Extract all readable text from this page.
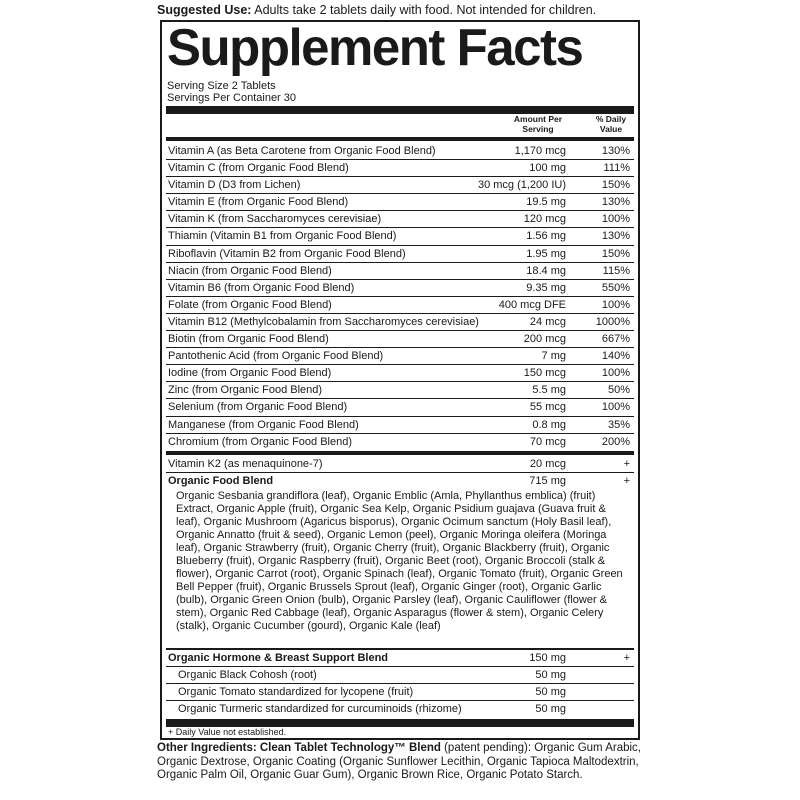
Suggested Use: Adults take 2 tablets daily with food. Not intended for children.
Supplement Facts
Serving Size 2 Tablets
Servings Per Container 30
Amount Per
Serving
% Daily
Value
Vitamin A (as Beta Carotene from Organic Food Blend)	1,170 mcg	130%
Vitamin C (from Organic Food Blend)	100 mg	111%
Vitamin D (D3 from Lichen)	30 mcg (1,200 IU)	150%
Vitamin E (from Organic Food Blend)	19.5 mg	130%
Vitamin K (from Saccharomyces cerevisiae)	120 mcg	100%
Thiamin (Vitamin B1 from Organic Food Blend)	1.56 mg	130%
Riboflavin (Vitamin B2 from Organic Food Blend)	1.95 mg	150%
Niacin (from Organic Food Blend)	18.4 mg	115%
Vitamin B6 (from Organic Food Blend)	9.35 mg	550%
Folate (from Organic Food Blend)	400 mcg DFE	100%
Vitamin B12 (Methylcobalamin from Saccharomyces cerevisiae)	24 mcg	1000%
Biotin (from Organic Food Blend)	200 mcg	667%
Pantothenic Acid (from Organic Food Blend)	7 mg	140%
Iodine (from Organic Food Blend)	150 mcg	100%
Zinc (from Organic Food Blend)	5.5 mg	50%
Selenium (from Organic Food Blend)	55 mcg	100%
Manganese (from Organic Food Blend)	0.8 mg	35%
Chromium (from Organic Food Blend)	70 mcg	200%
Vitamin K2 (as menaquinone-7)	20 mcg	+
Organic Food Blend	715 mg	+

Organic Sesbania grandiflora (leaf), Organic Emblic (Amla, Phyllanthus emblica) (fruit) Extract, Organic Apple (fruit), Organic Sea Kelp, Organic Psidium guajava (Guava fruit & leaf), Organic Mushroom (Agaricus bisporus), Organic Ocimum sanctum (Holy Basil leaf), Organic Annatto (fruit & seed), Organic Lemon (peel), Organic Moringa oleifera (Moringa leaf), Organic Strawberry (fruit), Organic Cherry (fruit), Organic Blackberry (fruit), Organic Blueberry (fruit), Organic Raspberry (fruit), Organic Beet (root), Organic Broccoli (stalk & flower), Organic Carrot (root), Organic Spinach (leaf), Organic Tomato (fruit), Organic Green Bell Pepper (fruit), Organic Brussels Sprout (leaf), Organic Ginger (root), Organic Garlic (bulb), Organic Green Onion (bulb), Organic Parsley (leaf), Organic Cauliflower (flower & stem), Organic Red Cabbage (leaf), Organic Asparagus (flower & stem), Organic Celery (stalk), Organic Cucumber (gourd), Organic Kale (leaf)

Organic Hormone & Breast Support Blend	150 mg	+
Organic Black Cohosh (root)	50 mg
Organic Tomato standardized for lycopene (fruit)	50 mg
Organic Turmeric standardized for curcuminoids (rhizome)	50 mg
+ Daily Value not established.
Other Ingredients: Clean Tablet Technology™ Blend (patent pending): Organic Gum Arabic, Organic Dextrose, Organic Coating (Organic Sunflower Lecithin, Organic Tapioca Maltodextrin, Organic Palm Oil, Organic Guar Gum), Organic Brown Rice, Organic Potato Starch.
